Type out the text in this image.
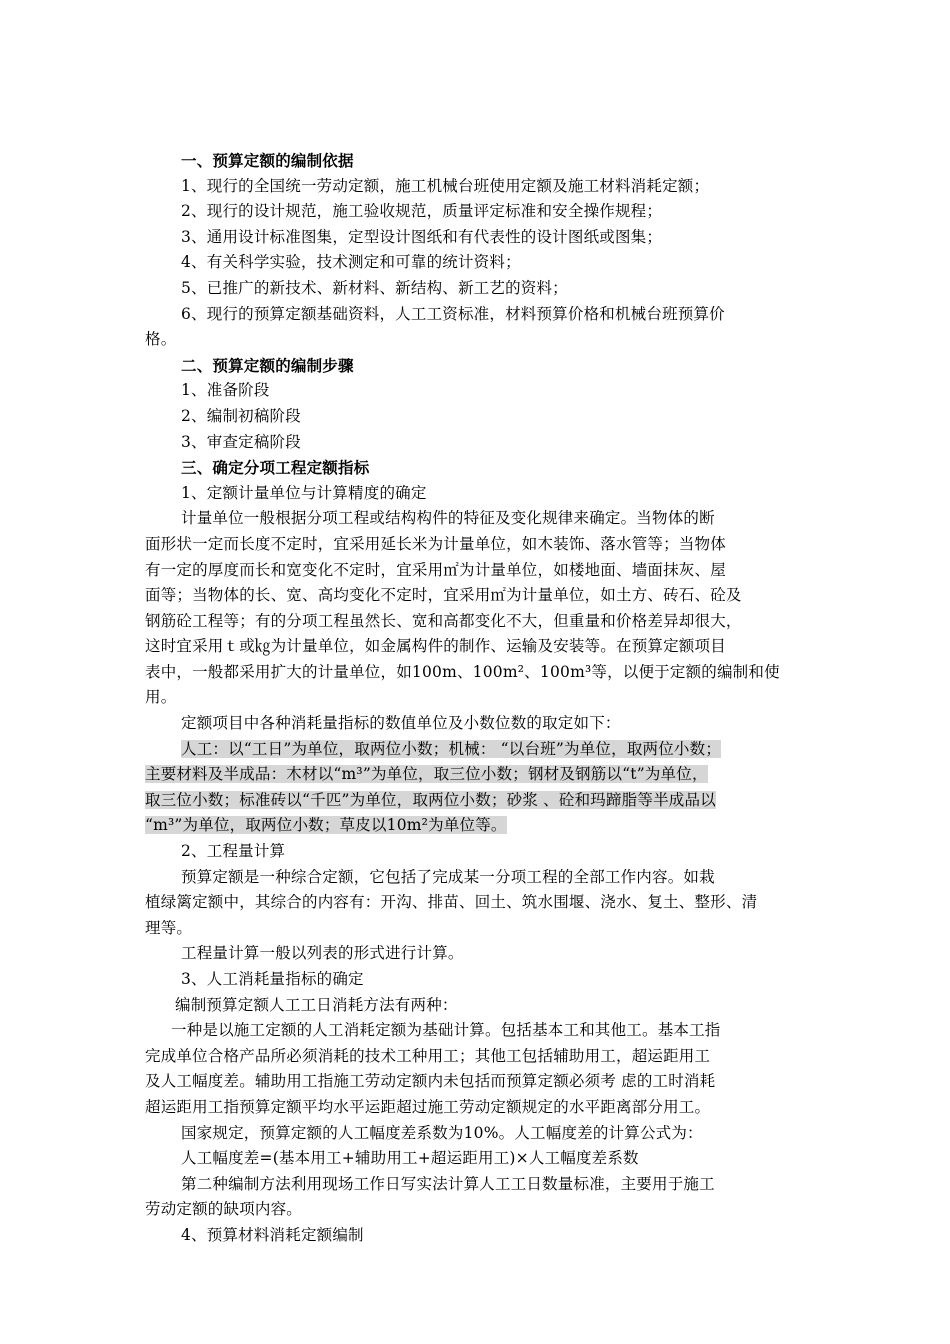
一、预算定额的编制依据
1、现行的全国统一劳动定额，施工机械台班使用定额及施工材料消耗定额；
2、现行的设计规范，施工验收规范，质量评定标准和安全操作规程；
3、通用设计标准图集，定型设计图纸和有代表性的设计图纸或图集；
4、有关科学实验，技术测定和可靠的统计资料；
5、已推广的新技术、新材料、新结构、新工艺的资料；
6、现行的预算定额基础资料，人工工资标准，材料预算价格和机械台班预算价
格。
二、预算定额的编制步骤
1、准备阶段
2、编制初稿阶段
3、审查定稿阶段
三、确定分项工程定额指标
1、定额计量单位与计算精度的确定
计量单位一般根据分项工程或结构构件的特征及变化规律来确定。当物体的断
面形状一定而长度不定时，宜采用延长米为计量单位，如木装饰、落水管等；当物体
有一定的厚度而长和宽变化不定时，宜采用㎡为计量单位，如楼地面、墙面抹灰、屋
面等；当物体的长、宽、高均变化不定时，宜采用㎡为计量单位，如土方、砖石、砼及
钢筋砼工程等；有的分项工程虽然长、宽和高都变化不大，但重量和价格差异却很大，
这时宜采用ｔ或㎏为计量单位，如金属构件的制作、运输及安装等。在预算定额项目
表中，一般都采用扩大的计量单位，如100m、100m²、100m³等，以便于定额的编制和使
用。
定额项目中各种消耗量指标的数值单位及小数位数的取定如下：
人工：以“工日”为单位，取两位小数；机械： “以台班”为单位，取两位小数；
主要材料及半成品：木材以“m³”为单位，取三位小数；钢材及钢筋以“t”为单位，
取三位小数；标准砖以“千匹”为单位，取两位小数；砂浆 、砼和玛蹄脂等半成品以
“m³”为单位，取两位小数；草皮以10m²为单位等。
2、工程量计算
预算定额是一种综合定额，它包括了完成某一分项工程的全部工作内容。如栽
植绿篱定额中，其综合的内容有：开沟、排苗、回土、筑水围堰、浇水、复土、整形、清
理等。
工程量计算一般以列表的形式进行计算。
3、人工消耗量指标的确定
编制预算定额人工工日消耗方法有两种：
一种是以施工定额的人工消耗定额为基础计算。包括基本工和其他工。基本工指
完成单位合格产品所必须消耗的技术工种用工；其他工包括辅助用工，超运距用工
及人工幅度差。辅助用工指施工劳动定额内未包括而预算定额必须考 虑的工时消耗
超运距用工指预算定额平均水平运距超过施工劳动定额规定的水平距离部分用工。
国家规定，预算定额的人工幅度差系数为10%。人工幅度差的计算公式为：
人工幅度差=(基本用工+辅助用工+超运距用工)×人工幅度差系数
第二种编制方法利用现场工作日写实法计算人工工日数量标准，主要用于施工
劳动定额的缺项内容。
4、预算材料消耗定额编制
